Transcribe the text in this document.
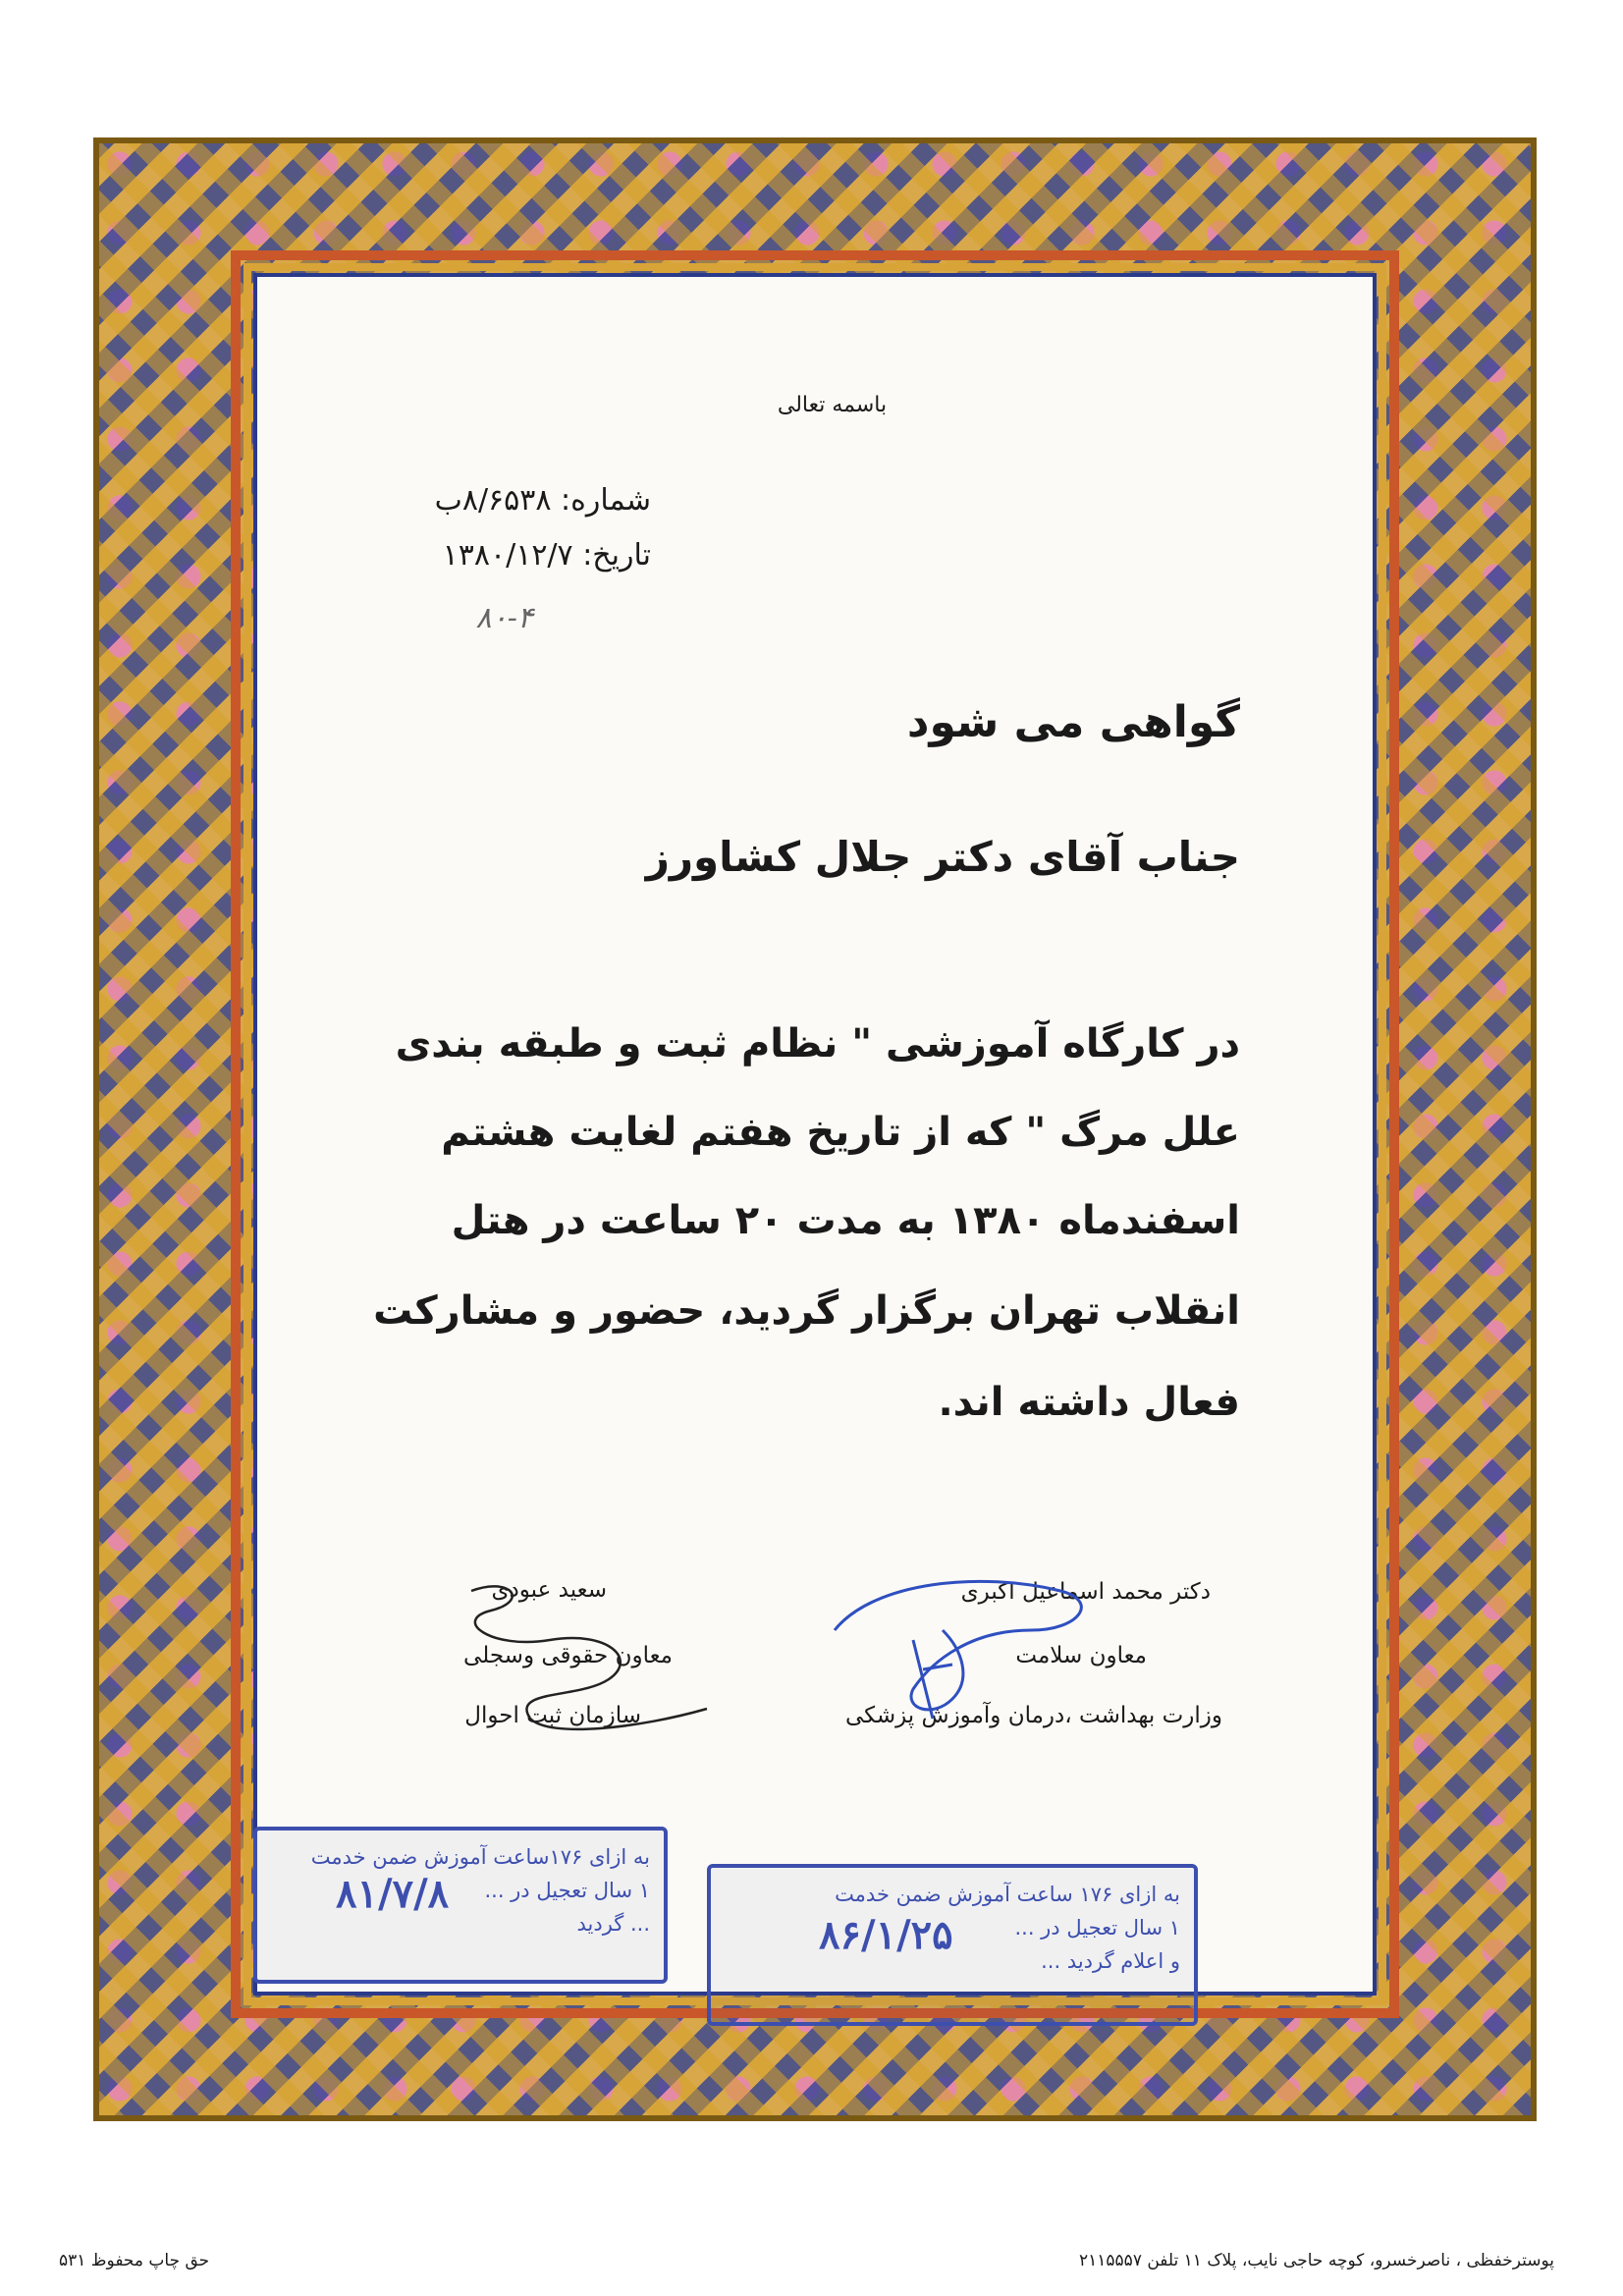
باسمه تعالی
شماره: ۸/۶۵۳۸ب
تاریخ: ۱۳۸۰/۱۲/۷
۸۰-۴
گواهی می شود
جناب آقای دکتر جلال کشاورز
در کارگاه آموزشی " نظام ثبت و طبقه بندی
علل مرگ " که از تاریخ هفتم لغایت هشتم
اسفندماه ۱۳۸۰ به مدت ۲۰ ساعت در هتل
انقلاب تهران برگزار گردید، حضور و مشارکت
فعال داشته اند.
دکتر محمد اسماعیل اکبری
معاون سلامت
وزارت بهداشت ،درمان وآموزش پزشکی
سعید عبودی
معاون حقوقی وسجلی
سازمان ثبت احوال
به ازای ۱۷۶ساعت آموزش ضمن خدمت
۱ سال تعجیل در ...
... گردید
۸۱/۷/۸	به ازای ۱۷۶ ساعت آموزش ضمن خدمت
۱ سال تعجیل در ...
و اعلام گردید ...
۸۶/۱/۲۵
پوسترخفظی ، ناصرخسرو، کوچه حاجی نایب، پلاک ۱۱ تلفن ۲۱۱۵۵۵۷
حق چاپ محفوظ ۵۳۱
